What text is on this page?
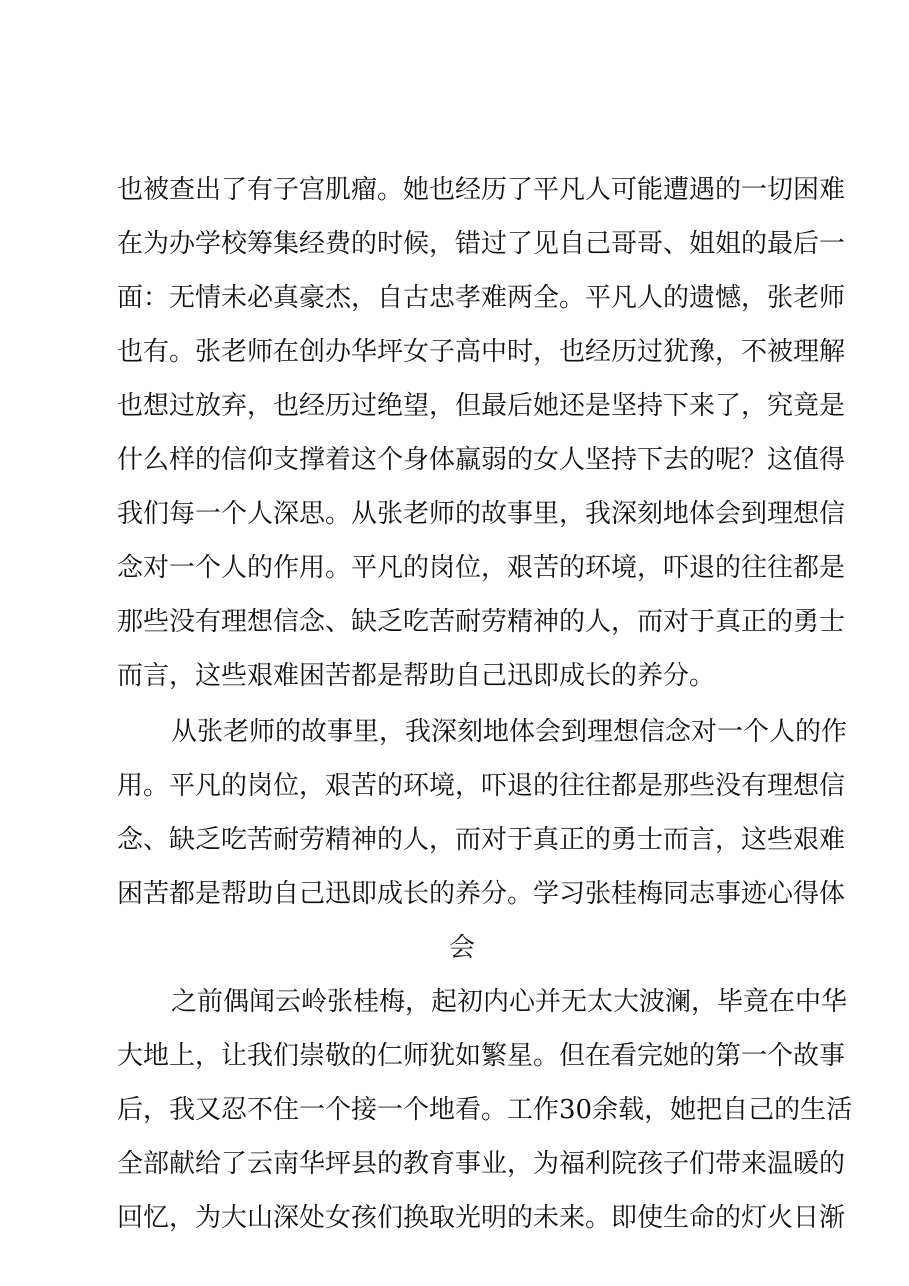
也被查出了有子宫肌瘤。她也经历了平凡人可能遭遇的一切困难
在为办学校筹集经费的时候，错过了见自己哥哥、姐姐的最后一
面：无情未必真豪杰，自古忠孝难两全。平凡人的遗憾，张老师
也有。张老师在创办华坪女子高中时，也经历过犹豫，不被理解
也想过放弃，也经历过绝望，但最后她还是坚持下来了，究竟是
什么样的信仰支撑着这个身体羸弱的女人坚持下去的呢？这值得
我们每一个人深思。从张老师的故事里，我深刻地体会到理想信
念对一个人的作用。平凡的岗位，艰苦的环境，吓退的往往都是
那些没有理想信念、缺乏吃苦耐劳精神的人，而对于真正的勇士
而言，这些艰难困苦都是帮助自己迅即成长的养分。
从张老师的故事里，我深刻地体会到理想信念对一个人的作
用。平凡的岗位，艰苦的环境，吓退的往往都是那些没有理想信
念、缺乏吃苦耐劳精神的人，而对于真正的勇士而言，这些艰难
困苦都是帮助自己迅即成长的养分。学习张桂梅同志事迹心得体
会
之前偶闻云岭张桂梅，起初内心并无太大波澜，毕竟在中华
大地上，让我们崇敬的仁师犹如繁星。但在看完她的第一个故事
后，我又忍不住一个接一个地看。工作30余载，她把自己的生活
全部献给了云南华坪县的教育事业，为福利院孩子们带来温暖的
回忆，为大山深处女孩们换取光明的未来。即使生命的灯火日渐
